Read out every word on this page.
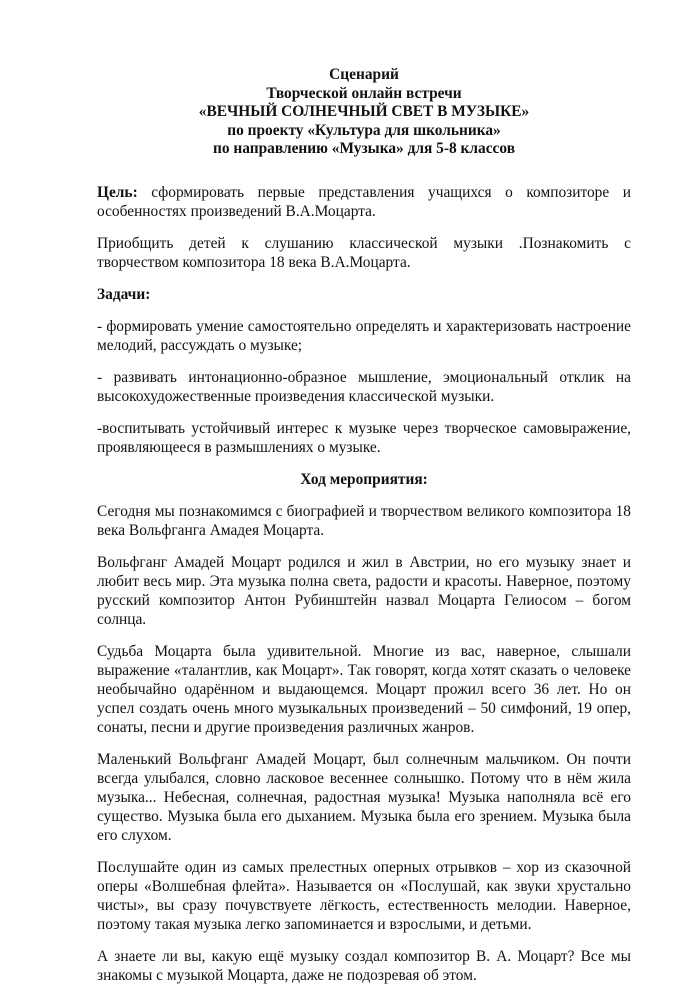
Сценарий
Творческой онлайн встречи
«ВЕЧНЫЙ СОЛНЕЧНЫЙ СВЕТ В МУЗЫКЕ»
по проекту «Культура для школьника»
по направлению «Музыка» для 5-8 классов

Цель: сформировать первые представления учащихся о композиторе и особенностях произведений В.А.Моцарта.

Приобщить детей к слушанию классической музыки .Познакомить с творчеством композитора 18 века В.А.Моцарта.

Задачи:

- формировать умение самостоятельно определять и характеризовать настроение мелодий, рассуждать о музыке;

- развивать интонационно-образное мышление, эмоциональный отклик на высокохудожественные произведения классической музыки.

-воспитывать устойчивый интерес к музыке через творческое самовыражение, проявляющееся в размышлениях о музыке.

Ход мероприятия:

Сегодня мы познакомимся с биографией и творчеством великого композитора 18 века Вольфганга Амадея Моцарта.

Вольфганг Амадей Моцарт родился и жил в Австрии, но его музыку знает и любит весь мир. Эта музыка полна света, радости и красоты. Наверное, поэтому русский композитор Антон Рубинштейн назвал Моцарта Гелиосом – богом солнца.

Судьба Моцарта была удивительной. Многие из вас, наверное, слышали выражение «талантлив, как Моцарт». Так говорят, когда хотят сказать о человеке необычайно одарённом и выдающемся. Моцарт прожил всего 36 лет. Но он успел создать очень много музыкальных произведений – 50 симфоний, 19 опер, сонаты, песни и другие произведения различных жанров.

Маленький Вольфганг Амадей Моцарт, был солнечным мальчиком. Он почти всегда улыбался, словно ласковое весеннее солнышко. Потому что в нём жила музыка... Небесная, солнечная, радостная музыка! Музыка наполняла всё его существо. Музыка была его дыханием. Музыка была его зрением. Музыка была его слухом.

Послушайте один из самых прелестных оперных отрывков – хор из сказочной оперы «Волшебная флейта». Называется он «Послушай, как звуки хрустально чисты», вы сразу почувствуете лёгкость, естественность мелодии. Наверное, поэтому такая музыка легко запоминается и взрослыми, и детьми.

А знаете ли вы, какую ещё музыку создал композитор В. А. Моцарт? Все мы знакомы с музыкой Моцарта, даже не подозревая об этом.
